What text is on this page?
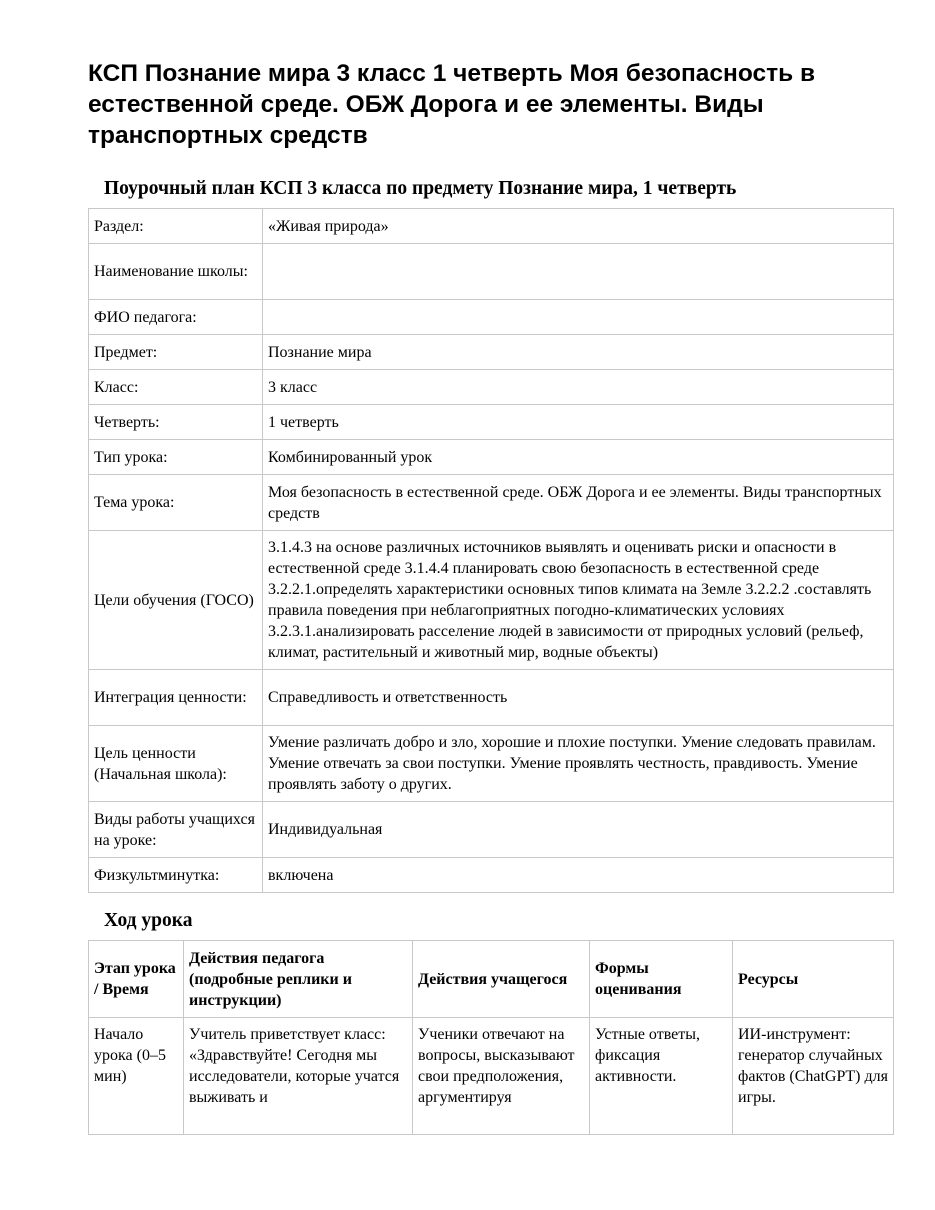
КСП Познание мира 3 класс 1 четверть Моя безопасность в естественной среде. ОБЖ Дорога и ее элементы. Виды транспортных средств
Поурочный план КСП 3 класса по предмету Познание мира, 1 четверть
Раздел:	«Живая природа»
Наименование школы:	
ФИО педагога:	
Предмет:	Познание мира
Класс:	3 класс
Четверть:	1 четверть
Тип урока:	Комбинированный урок
Тема урока:	Моя безопасность в естественной среде. ОБЖ Дорога и ее элементы. Виды транспортных средств
Цели обучения (ГОСО)	3.1.4.3 на основе различных источников выявлять и оценивать риски и опасности в естественной среде 3.1.4.4 планировать свою безопасность в естественной среде 3.2.2.1.определять характеристики основных типов климата на Земле 3.2.2.2 .составлять правила поведения при неблагоприятных погодно-климатических условиях 3.2.3.1.анализировать расселение людей в зависимости от природных условий (рельеф, климат, растительный и животный мир, водные объекты)
Интеграция ценности:	Справедливость и ответственность
Цель ценности (Начальная школа):	Умение различать добро и зло, хорошие и плохие поступки. Умение следовать правилам. Умение отвечать за свои поступки. Умение проявлять честность, правдивость. Умение проявлять заботу о других.
Виды работы учащихся на уроке:	Индивидуальная
Физкультминутка:	включена
Ход урока
Этап урока / Время	Действия педагога (подробные реплики и инструкции)	Действия учащегося	Формы оценивания	Ресурсы
Начало урока (0–5 мин)	Учитель приветствует класс: «Здравствуйте! Сегодня мы исследователи, которые учатся выживать и	Ученики отвечают на вопросы, высказывают свои предположения, аргументируя	Устные ответы, фиксация активности.	ИИ-инструмент: генератор случайных фактов (ChatGPT) для игры.
